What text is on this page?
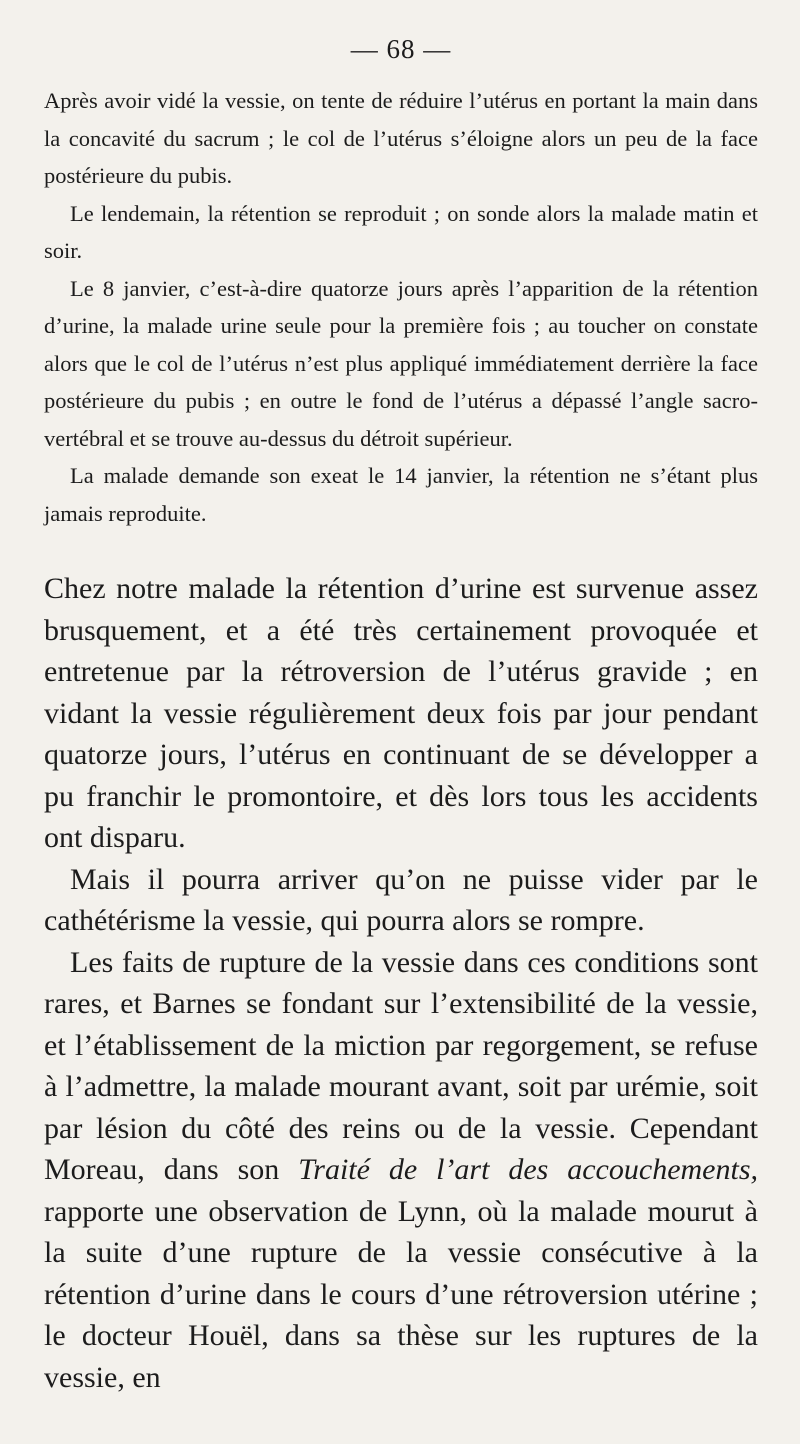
— 68 —

Après avoir vidé la vessie, on tente de réduire l’utérus en portant la main dans la concavité du sacrum ; le col de l’utérus s’éloigne alors un peu de la face postérieure du pubis.

Le lendemain, la rétention se reproduit ; on sonde alors la malade matin et soir.

Le 8 janvier, c’est-à-dire quatorze jours après l’apparition de la rétention d’urine, la malade urine seule pour la première fois ; au toucher on constate alors que le col de l’utérus n’est plus appliqué immédiatement derrière la face postérieure du pubis ; en outre le fond de l’utérus a dépassé l’angle sacro-vertébral et se trouve au-dessus du détroit supérieur.

La malade demande son exeat le 14 janvier, la rétention ne s’étant plus jamais reproduite.

Chez notre malade la rétention d’urine est survenue assez brusquement, et a été très certainement provoquée et entretenue par la rétroversion de l’utérus gravide ; en vidant la vessie régulièrement deux fois par jour pendant quatorze jours, l’utérus en continuant de se développer a pu franchir le promontoire, et dès lors tous les accidents ont disparu.

Mais il pourra arriver qu’on ne puisse vider par le cathétérisme la vessie, qui pourra alors se rompre.

Les faits de rupture de la vessie dans ces conditions sont rares, et Barnes se fondant sur l’extensibilité de la vessie, et l’établissement de la miction par regorgement, se refuse à l’admettre, la malade mourant avant, soit par urémie, soit par lésion du côté des reins ou de la vessie. Cependant Moreau, dans son Traité de l’art des accouchements, rapporte une observation de Lynn, où la malade mourut à la suite d’une rupture de la vessie consécutive à la rétention d’urine dans le cours d’une rétroversion utérine ; le docteur Houël, dans sa thèse sur les ruptures de la vessie, en
